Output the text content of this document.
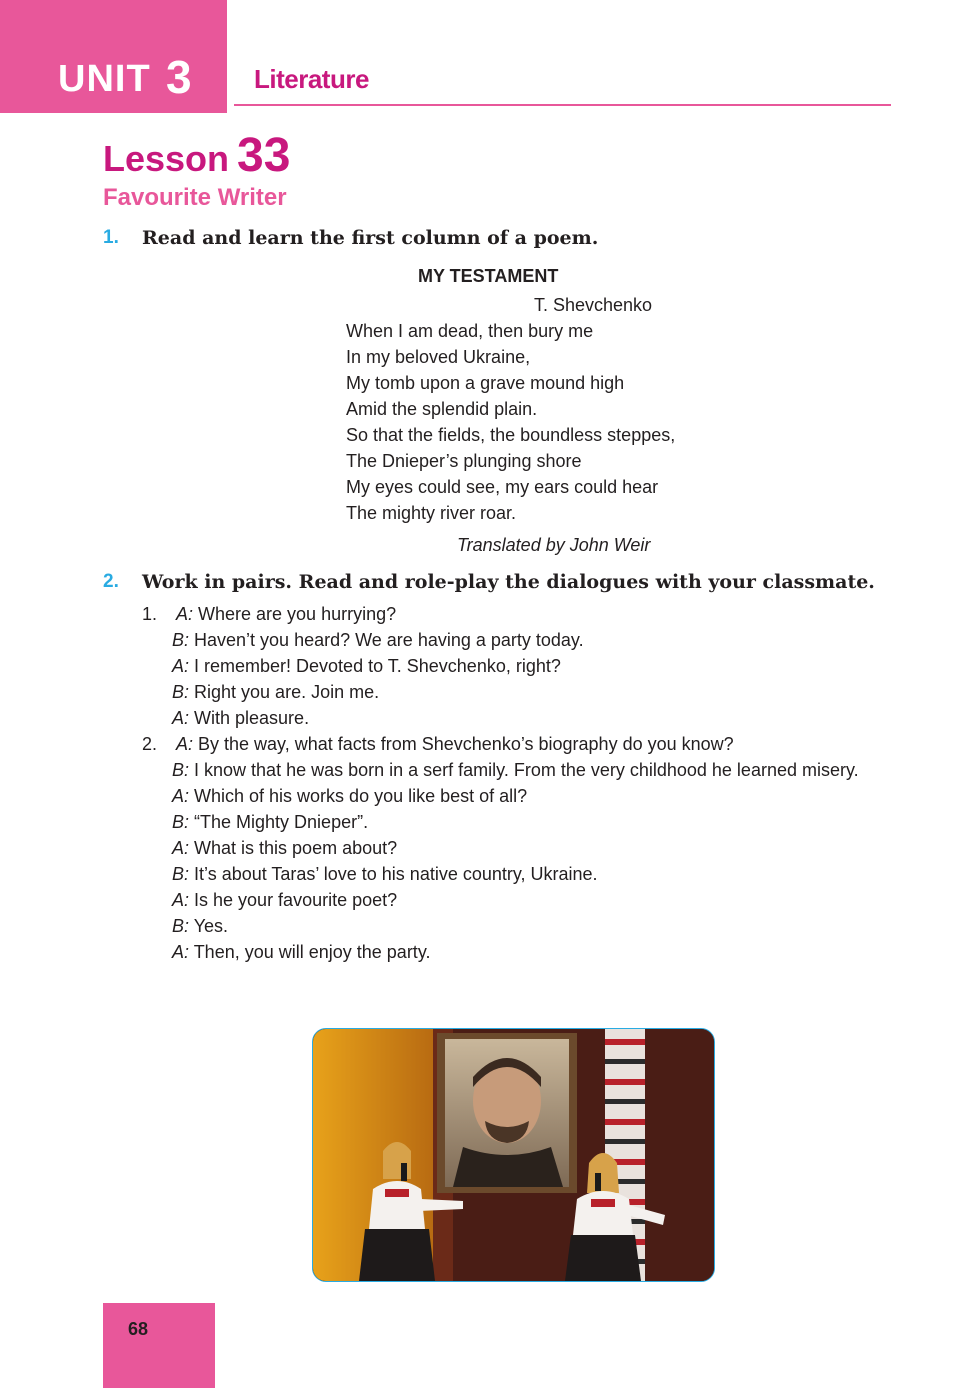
UNIT 3 Literature
Lesson 33
Favourite Writer
1. Read and learn the first column of a poem.
MY TESTAMENT
T. Shevchenko
When I am dead, then bury me
In my beloved Ukraine,
My tomb upon a grave mound high
Amid the splendid plain.
So that the fields, the boundless steppes,
The Dnieper’s plunging shore
My eyes could see, my ears could hear
The mighty river roar.
Translated by John Weir
2. Work in pairs. Read and role-play the dialogues with your classmate.
1. A: Where are you hurrying?
B: Haven’t you heard? We are having a party today.
A: I remember! Devoted to T. Shevchenko, right?
B: Right you are. Join me.
A: With pleasure.
2. A: By the way, what facts from Shevchenko’s biography do you know?
B: I know that he was born in a serf family. From the very childhood he learned misery.
A: Which of his works do you like best of all?
B: “The Mighty Dnieper”.
A: What is this poem about?
B: It’s about Taras’ love to his native country, Ukraine.
A: Is he your favourite poet?
B: Yes.
A: Then, you will enjoy the party.
68
